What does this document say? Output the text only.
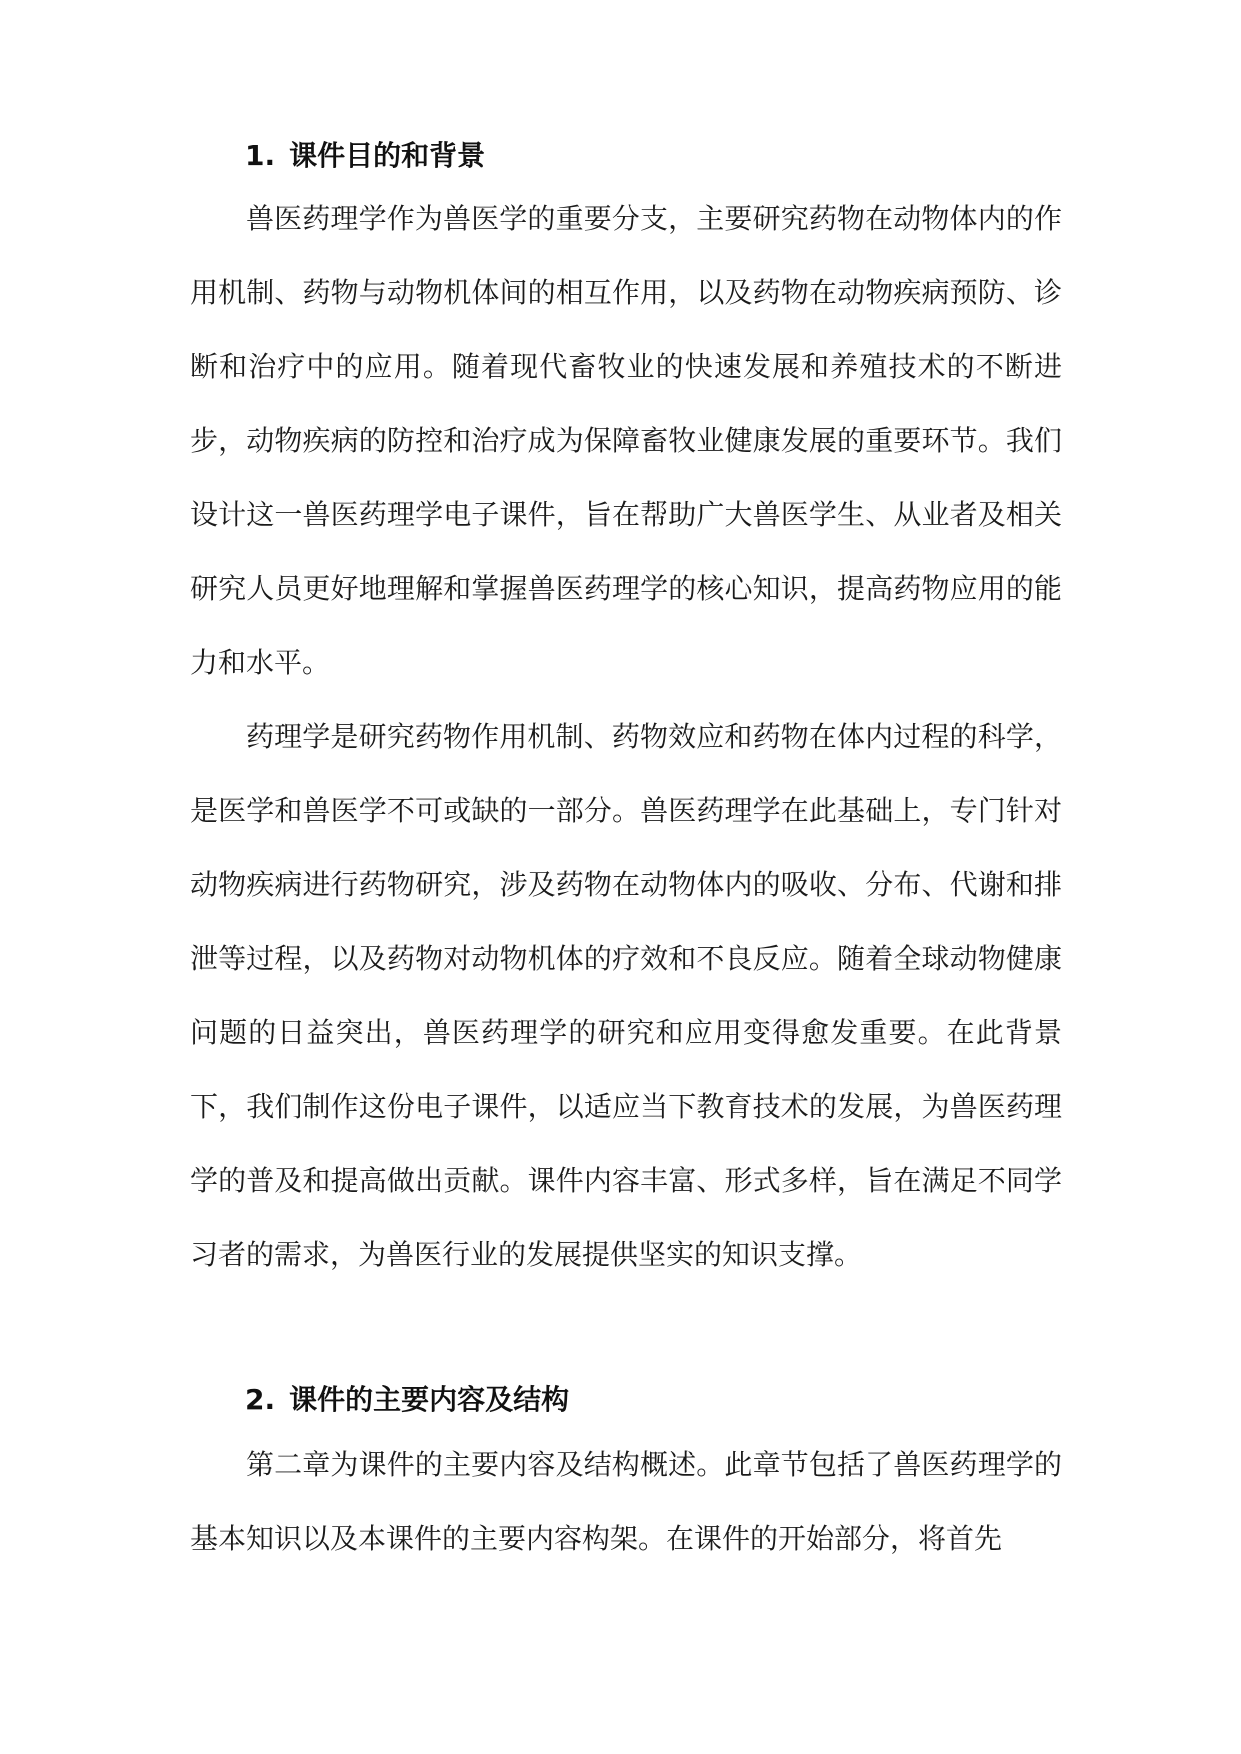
1. 课件目的和背景

兽医药理学作为兽医学的重要分支，主要研究药物在动物体内的作用机制、药物与动物机体间的相互作用，以及药物在动物疾病预防、诊断和治疗中的应用。随着现代畜牧业的快速发展和养殖技术的不断进步，动物疾病的防控和治疗成为保障畜牧业健康发展的重要环节。我们设计这一兽医药理学电子课件，旨在帮助广大兽医学生、从业者及相关研究人员更好地理解和掌握兽医药理学的核心知识，提高药物应用的能力和水平。

药理学是研究药物作用机制、药物效应和药物在体内过程的科学，是医学和兽医学不可或缺的一部分。兽医药理学在此基础上，专门针对动物疾病进行药物研究，涉及药物在动物体内的吸收、分布、代谢和排泄等过程，以及药物对动物机体的疗效和不良反应。随着全球动物健康问题的日益突出，兽医药理学的研究和应用变得愈发重要。在此背景下，我们制作这份电子课件，以适应当下教育技术的发展，为兽医药理学的普及和提高做出贡献。课件内容丰富、形式多样，旨在满足不同学习者的需求，为兽医行业的发展提供坚实的知识支撑。

2. 课件的主要内容及结构

第二章为课件的主要内容及结构概述。此章节包括了兽医药理学的基本知识以及本课件的主要内容构架。在课件的开始部分，将首先
